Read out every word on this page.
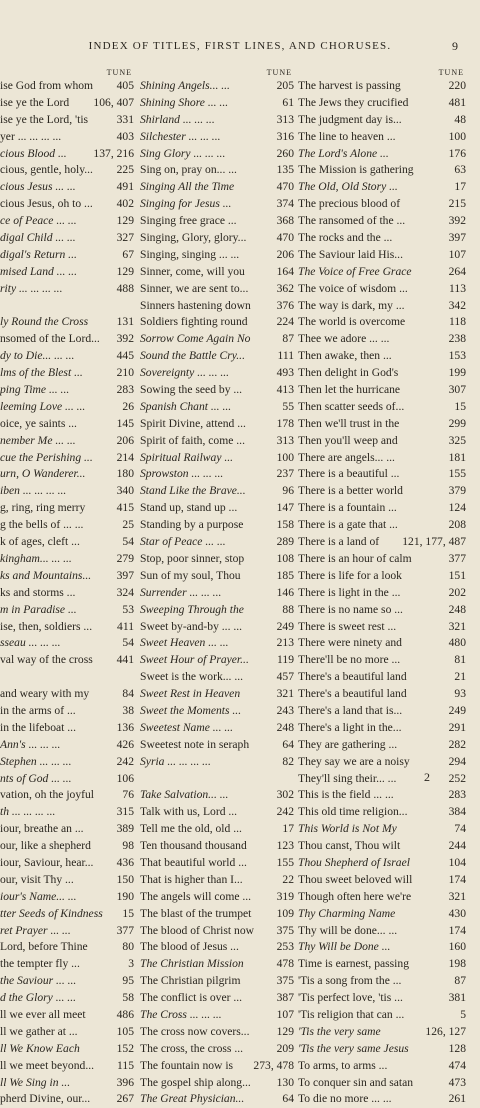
INDEX OF TITLES, FIRST LINES, AND CHORUSES.	9
TUNE
ise God from whom	405
ise ye the Lord	106, 407
ise ye the Lord, 'tis	331
yer ... ... ... ...	403
cious Blood ...	137, 216
cious, gentle, holy...	225
cious Jesus ... ...	491
cious Jesus, oh to ...	402
ce of Peace ... ...	129
digal Child ... ...	327
digal's Return ...	67
mised Land ... ...	129
rity ... ... ... ...	488
ly Round the Cross	131
nsomed of the Lord...	392
dy to Die... ... ...	445
lms of the Blest ...	210
ping Time ... ...	283
leeming Love ... ...	26
oice, ye saints ...	145
nember Me ... ...	206
cue the Perishing ...	214
urn, O Wanderer...	180
iben ... ... ... ...	340
g, ring, ring merry	415
g the bells of ... ...	25
k of ages, cleft ...	54
kingham... ... ...	279
ks and Mountains...	397
ks and storms ...	324
m in Paradise ...	53
ise, then, soldiers ...	411
sseau ... ... ...	54
val way of the cross	441
and weary with my	84
in the arms of ...	38
in the lifeboat ...	136
Ann's ... ... ...	426
Stephen ... ... ...	242
nts of God ... ...	106
vation, oh the joyful	76
th ... ... ... ...	315
iour, breathe an ...	389
our, like a shepherd	98
iour, Saviour, hear...	436
our, visit Thy ...	150
iour's Name... ...	190
tter Seeds of Kindness	15
ret Prayer ... ...	377
Lord, before Thine	80
the tempter fly ...	3
the Saviour ... ...	95
d the Glory ... ...	58
ll we ever all meet	486
ll we gather at ...	105
ll We Know Each	152
ll we meet beyond...	115
ll We Sing in ...	396
pherd Divine, our...	267
TUNE
Shining Angels... ...	205
Shining Shore ... ...	61
Shirland ... ... ...	313
Silchester ... ... ...	316
Sing Glory ... ... ...	260
Sing on, pray on... ...	135
Singing All the Time	470
Singing for Jesus ...	374
Singing free grace ...	368
Singing, Glory, glory...	470
Singing, singing ... ...	206
Sinner, come, will you	164
Sinner, we are sent to...	362
Sinners hastening down	376
Soldiers fighting round	224
Sorrow Come Again No	87
Sound the Battle Cry...	111
Sovereignty ... ... ...	493
Sowing the seed by ...	413
Spanish Chant ... ...	55
Spirit Divine, attend ...	178
Spirit of faith, come ...	313
Spiritual Railway ...	100
Sprowston ... ... ...	237
Stand Like the Brave...	96
Stand up, stand up ...	147
Standing by a purpose	158
Star of Peace ... ...	289
Stop, poor sinner, stop	108
Sun of my soul, Thou	185
Surrender ... ... ...	146
Sweeping Through the	88
Sweet by-and-by ... ...	249
Sweet Heaven ... ...	213
Sweet Hour of Prayer...	119
Sweet is the work... ...	457
Sweet Rest in Heaven	321
Sweet the Moments ...	243
Sweetest Name ... ...	248
Sweetest note in seraph	64
Syria ... ... ... ...	82
Take Salvation... ...	302
Talk with us, Lord ...	242
Tell me the old, old ...	17
Ten thousand thousand	123
That beautiful world ...	155
That is higher than I...	22
The angels will come ...	319
The blast of the trumpet	109
The blood of Christ now	375
The blood of Jesus ...	253
The Christian Mission	478
The Christian pilgrim	375
The conflict is over ...	387
The Cross ... ... ...	107
The cross now covers...	129
The cross, the cross ...	209
The fountain now is	273, 478
The gospel ship along...	130
The Great Physician...	64
TUNE
The harvest is passing	220
The Jews they crucified	481
The judgment day is...	48
The line to heaven ...	100
The Lord's Alone ...	176
The Mission is gathering	63
The Old, Old Story ...	17
The precious blood of	215
The ransomed of the ...	392
The rocks and the ...	397
The Saviour laid His...	107
The Voice of Free Grace	264
The voice of wisdom ...	113
The way is dark, my ...	342
The world is overcome	118
Thee we adore ... ...	238
Then awake, then ...	153
Then delight in God's	199
Then let the hurricane	307
Then scatter seeds of...	15
Then we'll trust in the	299
Then you'll weep and	325
There are angels... ...	181
There is a beautiful ...	155
There is a better world	379
There is a fountain ...	124
There is a gate that ...	208
There is a land of	121, 177, 487
There is an hour of calm	377
There is life for a look	151
There is light in the ...	202
There is no name so ...	248
There is sweet rest ...	321
There were ninety and	480
There'll be no more ...	81
There's a beautiful land	21
There's a beautiful land	93
There's a land that is...	249
There's a light in the...	291
They are gathering ...	282
They say we are a noisy	294
They'll sing their... ...	252
This is the field ... ...	283
This old time religion...	384
This World is Not My	74
Thou canst, Thou wilt	244
Thou Shepherd of Israel	104
Thou sweet beloved will	174
Though often here we're	321
Thy Charming Name	430
Thy will be done... ...	174
Thy Will be Done ...	160
Time is earnest, passing	198
'Tis a song from the ...	87
'Tis perfect love, 'tis ...	381
'Tis religion that can ...	5
'Tis the very same	126, 127
'Tis the very same Jesus	128
To arms, to arms ...	474
To conquer sin and satan	473
To die no more ... ...	261
2
